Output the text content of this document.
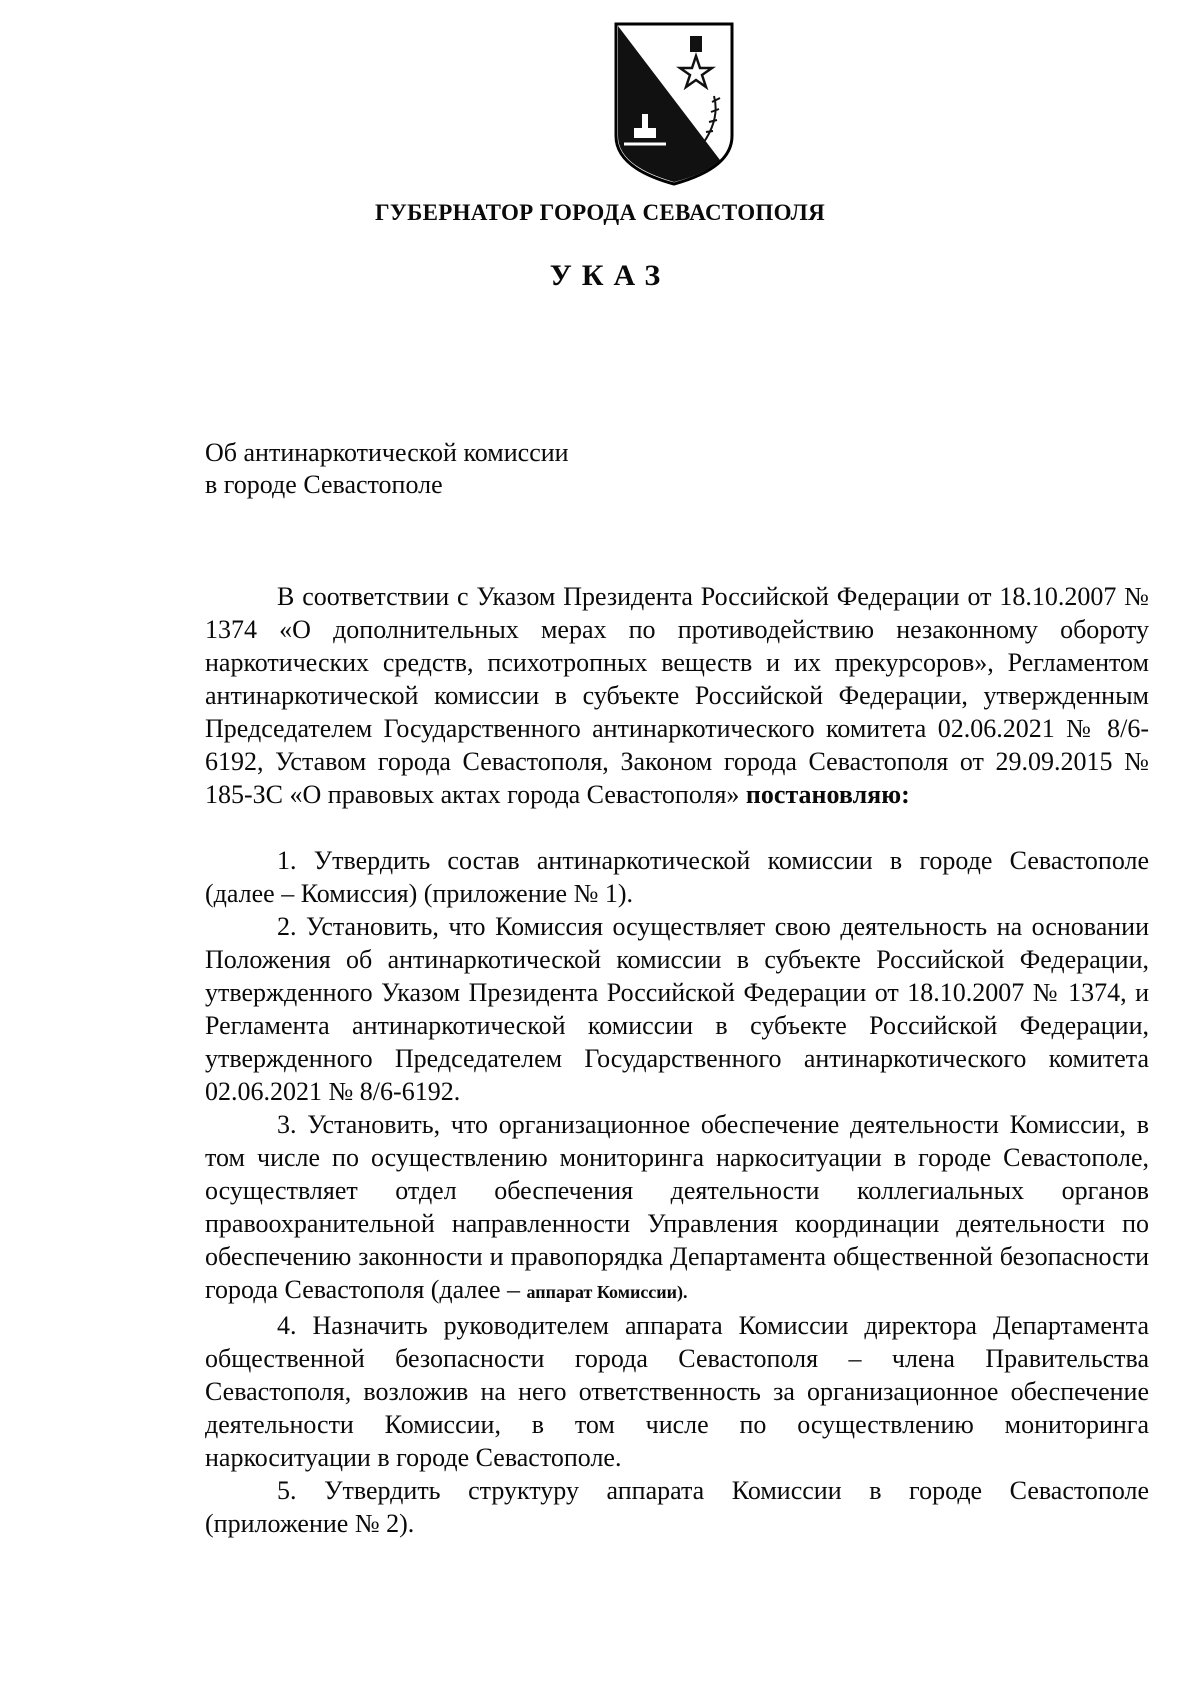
ГУБЕРНАТОР ГОРОДА СЕВАСТОПОЛЯ
УКАЗ
Об антинаркотической комиссии
в городе Севастополе

В соответствии с Указом Президента Российской Федерации от 18.10.2007 № 1374 «О дополнительных мерах по противодействию незаконному обороту наркотических средств, психотропных веществ и их прекурсоров», Регламентом антинаркотической комиссии в субъекте Российской Федерации, утвержденным Председателем Государственного антинаркотического комитета 02.06.2021 № 8/6-6192, Уставом города Севастополя, Законом города Севастополя от 29.09.2015 № 185-ЗС «О правовых актах города Севастополя» постановляю:

1. Утвердить состав антинаркотической комиссии в городе Севастополе (далее – Комиссия) (приложение № 1).

2. Установить, что Комиссия осуществляет свою деятельность на основании Положения об антинаркотической комиссии в субъекте Российской Федерации, утвержденного Указом Президента Российской Федерации от 18.10.2007 № 1374, и Регламента антинаркотической комиссии в субъекте Российской Федерации, утвержденного Председателем Государственного антинаркотического комитета 02.06.2021 № 8/6-6192.

3. Установить, что организационное обеспечение деятельности Комиссии, в том числе по осуществлению мониторинга наркоситуации в городе Севастополе, осуществляет отдел обеспечения деятельности коллегиальных органов правоохранительной направленности Управления координации деятельности по обеспечению законности и правопорядка Департамента общественной безопасности города Севастополя (далее – аппарат Комиссии).

4. Назначить руководителем аппарата Комиссии директора Департамента общественной безопасности города Севастополя – члена Правительства Севастополя, возложив на него ответственность за организационное обеспечение деятельности Комиссии, в том числе по осуществлению мониторинга наркоситуации в городе Севастополе.

5. Утвердить структуру аппарата Комиссии в городе Севастополе (приложение № 2).
